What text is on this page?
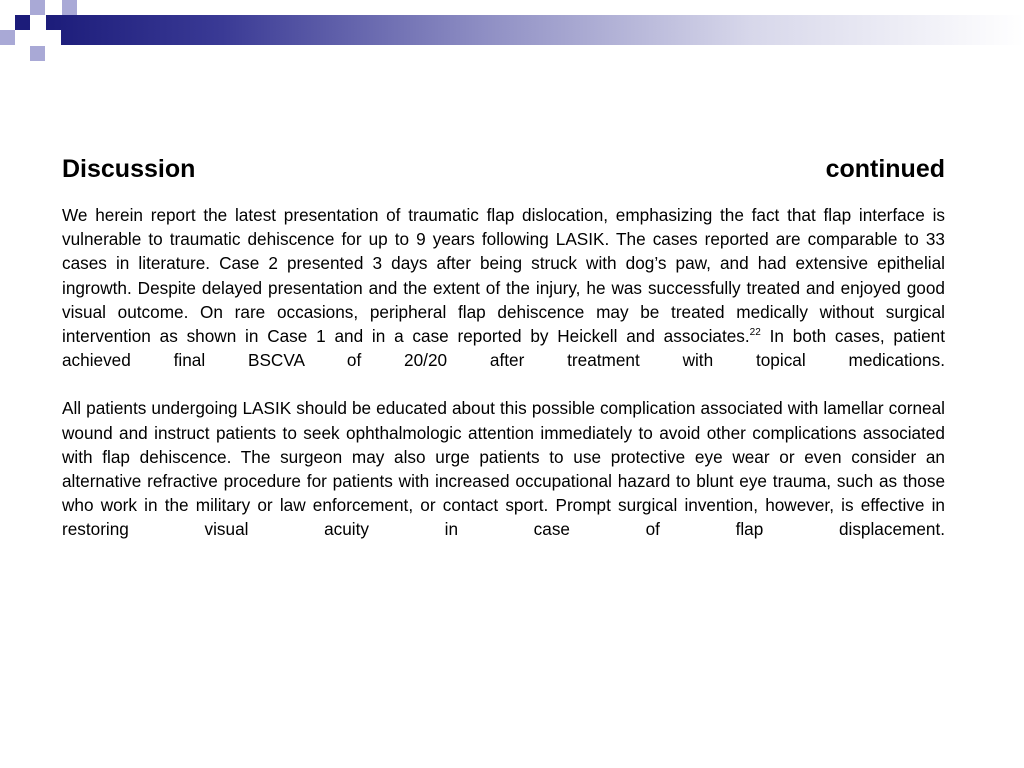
Discussion	continued

We herein report the latest presentation of traumatic flap dislocation, emphasizing the fact that flap interface is vulnerable to traumatic dehiscence for up to 9 years following LASIK. The cases reported are comparable to 33 cases in literature. Case 2 presented 3 days after being struck with dog’s paw, and had extensive epithelial ingrowth. Despite delayed presentation and the extent of the injury, he was successfully treated and enjoyed good visual outcome. On rare occasions, peripheral flap dehiscence may be treated medically without surgical intervention as shown in Case 1 and in a case reported by Heickell and associates.$^{22}$ In both cases, patient achieved final BSCVA of 20/20 after treatment with topical medications.

All patients undergoing LASIK should be educated about this possible complication associated with lamellar corneal wound and instruct patients to seek ophthalmologic attention immediately to avoid other complications associated with flap dehiscence. The surgeon may also urge patients to use protective eye wear or even consider an alternative refractive procedure for patients with increased occupational hazard to blunt eye trauma, such as those who work in the military or law enforcement, or contact sport. Prompt surgical invention, however, is effective in restoring visual acuity in case of flap displacement.
